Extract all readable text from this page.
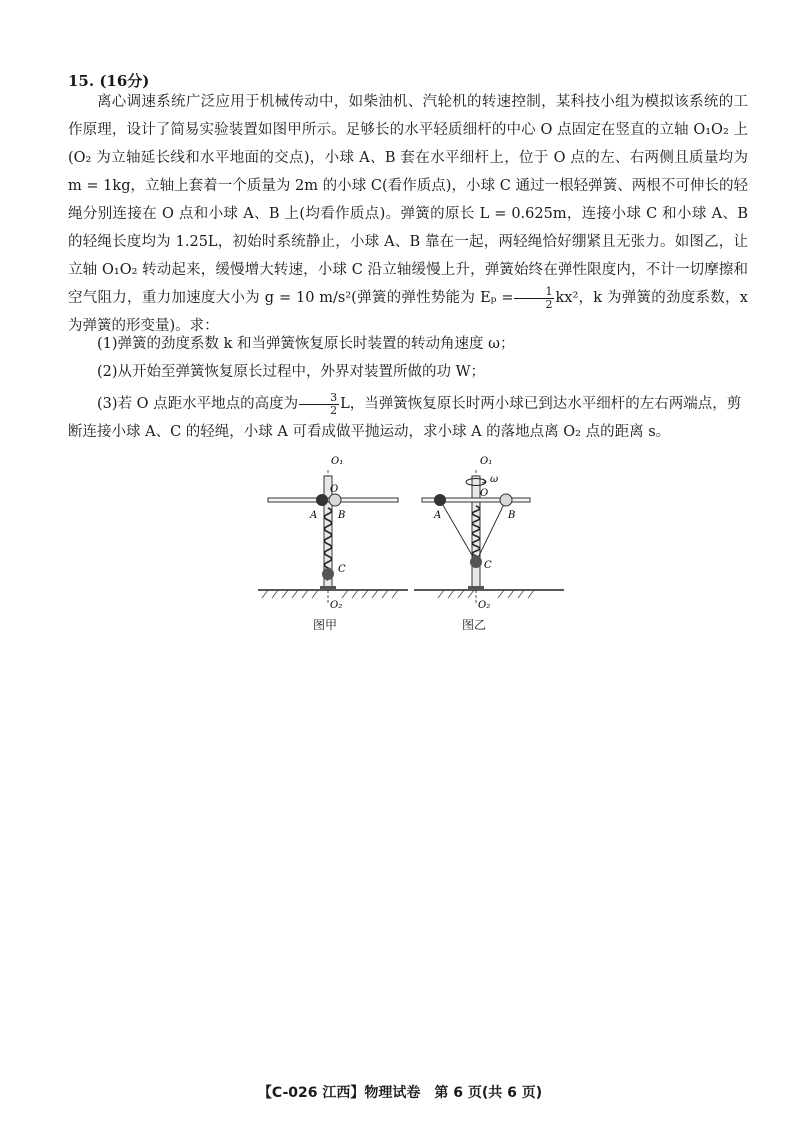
15. (16分)
离心调速系统广泛应用于机械传动中，如柴油机、汽轮机的转速控制，某科技小组为模拟该系统的工作原理，设计了简易实验装置如图甲所示。足够长的水平轻质细杆的中心 O 点固定在竖直的立轴 O₁O₂ 上(O₂ 为立轴延长线和水平地面的交点)，小球 A、B 套在水平细杆上，位于 O 点的左、右两侧且质量均为 m = 1kg，立轴上套着一个质量为 2m 的小球 C(看作质点)，小球 C 通过一根轻弹簧、两根不可伸长的轻绳分别连接在 O 点和小球 A、B 上(均看作质点)。弹簧的原长 L = 0.625m，连接小球 C 和小球 A、B 的轻绳长度均为 1.25L，初始时系统静止，小球 A、B 靠在一起，两轻绳恰好绷紧且无张力。如图乙，让立轴 O₁O₂ 转动起来，缓慢增大转速，小球 C 沿立轴缓慢上升，弹簧始终在弹性限度内，不计一切摩擦和空气阻力，重力加速度大小为 g = 10 m/s²(弹簧的弹性势能为 $E_p = \frac{1}{2} kx^2$，k 为弹簧的劲度系数，x 为弹簧的形变量)。求：
(1)弹簧的劲度系数 k 和当弹簧恢复原长时装置的转动角速度 ω；
(2)从开始至弹簧恢复原长过程中，外界对装置所做的功 W；
(3)若 O 点距水平地点的高度为 $\frac{3}{2}$ L，当弹簧恢复原长时两小球已到达水平细杆的左右两端点，剪断连接小球 A、C 的轻绳，小球 A 可看成做平抛运动，求小球 A 的落地点离 O₂ 点的距离 s。
O₁
O
A B
C
O₂
图甲
O₁
ω
O
A	B
C
O₂
图乙
【C-026 江西】物理试卷　第 6 页(共 6 页)
